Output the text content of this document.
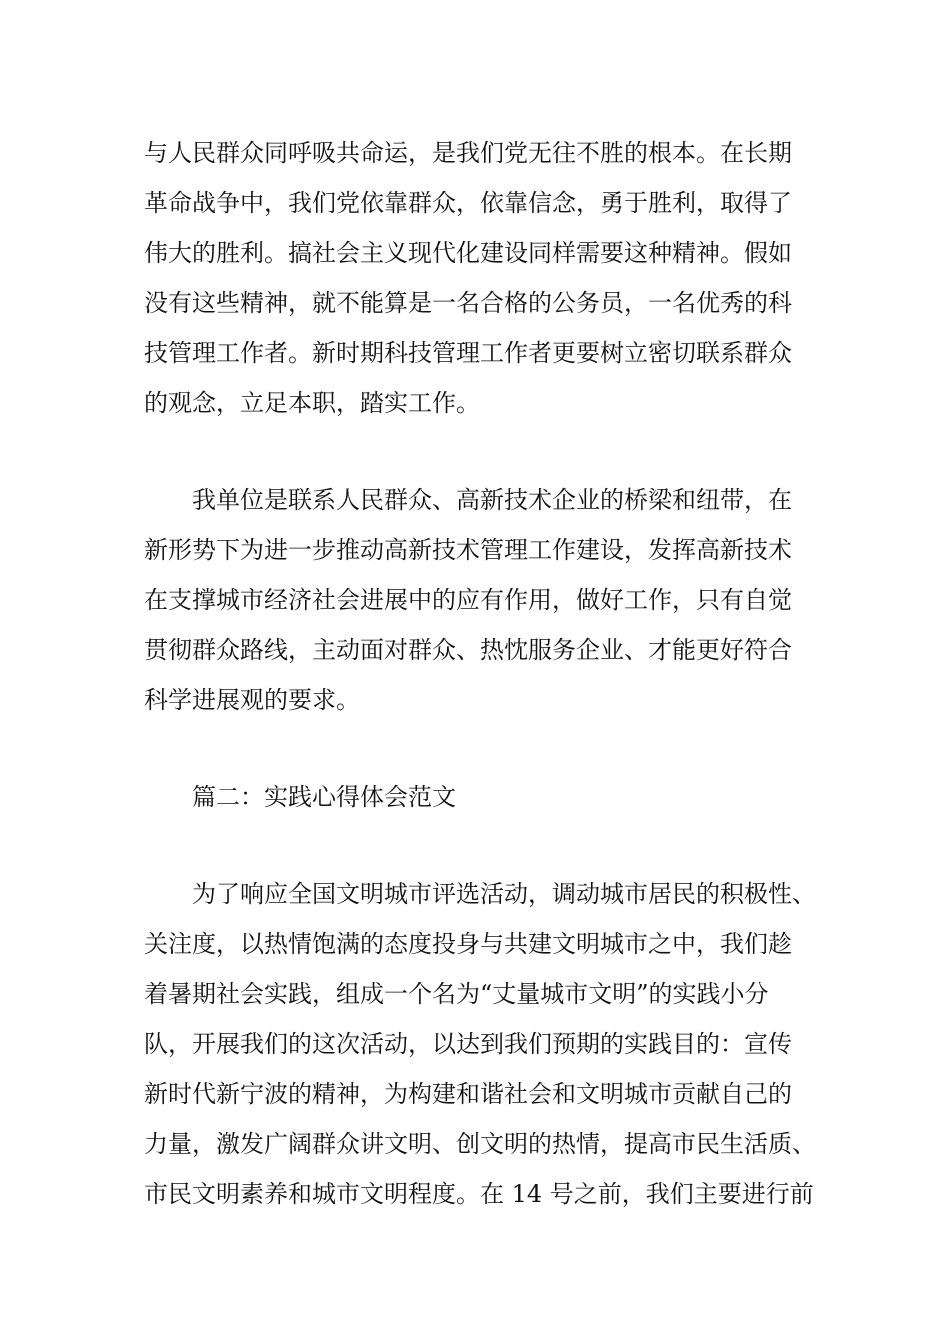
与人民群众同呼吸共命运，是我们党无往不胜的根本。在长期
革命战争中，我们党依靠群众，依靠信念，勇于胜利，取得了
伟大的胜利。搞社会主义现代化建设同样需要这种精神。假如
没有这些精神，就不能算是一名合格的公务员，一名优秀的科
技管理工作者。新时期科技管理工作者更要树立密切联系群众
的观念，立足本职，踏实工作。
我单位是联系人民群众、高新技术企业的桥梁和纽带，在
新形势下为进一步推动高新技术管理工作建设，发挥高新技术
在支撑城市经济社会进展中的应有作用，做好工作，只有自觉
贯彻群众路线，主动面对群众、热忱服务企业、才能更好符合
科学进展观的要求。
篇二：实践心得体会范文
为了响应全国文明城市评选活动，调动城市居民的积极性、
关注度，以热情饱满的态度投身与共建文明城市之中，我们趁
着暑期社会实践，组成一个名为“丈量城市文明”的实践小分
队，开展我们的这次活动，以达到我们预期的实践目的：宣传
新时代新宁波的精神，为构建和谐社会和文明城市贡献自己的
力量，激发广阔群众讲文明、创文明的热情，提高市民生活质、
市民文明素养和城市文明程度。在 14 号之前，我们主要进行前
